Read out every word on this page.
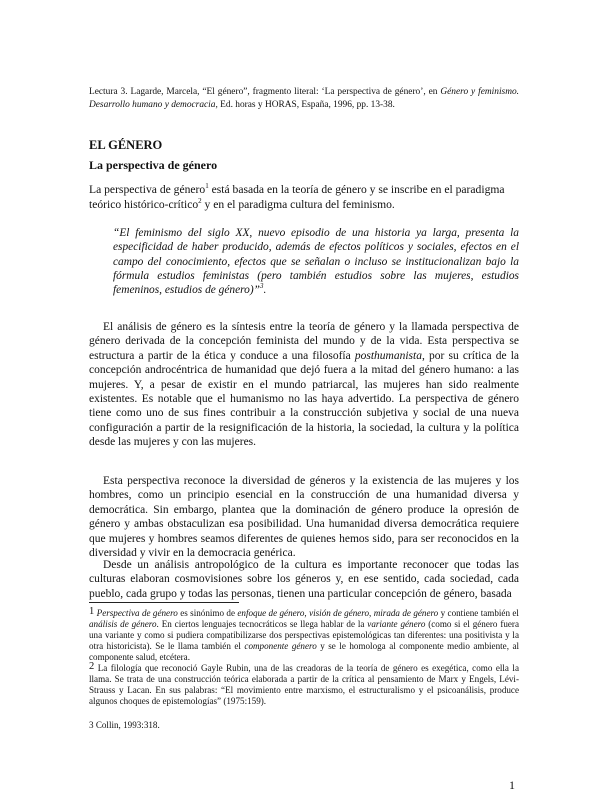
Lectura 3. Lagarde, Marcela, “El género”, fragmento literal: ‘La perspectiva de género’, en Género y feminismo. Desarrollo humano y democracia, Ed. horas y HORAS, España, 1996, pp. 13-38.
EL GÉNERO
La perspectiva de género
La perspectiva de género$^1$ está basada en la teoría de género y se inscribe en el paradigma teórico histórico-crítico$^2$ y en el paradigma cultura del feminismo.
“El feminismo del siglo XX, nuevo episodio de una historia ya larga, presenta la especificidad de haber producido, además de efectos políticos y sociales, efectos en el campo del conocimiento, efectos que se señalan o incluso se institucionalizan bajo la fórmula estudios feministas (pero también estudios sobre las mujeres, estudios femeninos, estudios de género)”$^3$.

El análisis de género es la síntesis entre la teoría de género y la llamada perspectiva de género derivada de la concepción feminista del mundo y de la vida. Esta perspectiva se estructura a partir de la ética y conduce a una filosofía posthumanista, por su crítica de la concepción androcéntrica de humanidad que dejó fuera a la mitad del género humano: a las mujeres. Y, a pesar de existir en el mundo patriarcal, las mujeres han sido realmente existentes. Es notable que el humanismo no las haya advertido. La perspectiva de género tiene como uno de sus fines contribuir a la construcción subjetiva y social de una nueva configuración a partir de la resignificación de la historia, la sociedad, la cultura y la política desde las mujeres y con las mujeres.

Esta perspectiva reconoce la diversidad de géneros y la existencia de las mujeres y los hombres, como un principio esencial en la construcción de una humanidad diversa y democrática. Sin embargo, plantea que la dominación de género produce la opresión de género y ambas obstaculizan esa posibilidad. Una humanidad diversa democrática requiere que mujeres y hombres seamos diferentes de quienes hemos sido, para ser reconocidos en la diversidad y vivir en la democracia genérica.

Desde un análisis antropológico de la cultura es importante reconocer que todas las culturas elaboran cosmovisiones sobre los géneros y, en ese sentido, cada sociedad, cada pueblo, cada grupo y todas las personas, tienen una particular concepción de género, basada

1 Perspectiva de género es sinónimo de enfoque de género, visión de género, mirada de género y contiene también el análisis de género. En ciertos lenguajes tecnocráticos se llega hablar de la variante género (como si el género fuera una variante y como si pudiera compatibilizarse dos perspectivas epistemológicas tan diferentes: una positivista y la otra historicista). Se le llama también el componente género y se le homologa al componente medio ambiente, al componente salud, etcétera.

2 La filología que reconoció Gayle Rubin, una de las creadoras de la teoría de género es exegética, como ella la llama. Se trata de una construcción teórica elaborada a partir de la crítica al pensamiento de Marx y Engels, Lévi-Strauss y Lacan. En sus palabras: “El movimiento entre marxismo, el estructuralismo y el psicoanálisis, produce algunos choques de epistemologías” (1975:159).

3 Collin, 1993:318.

1
